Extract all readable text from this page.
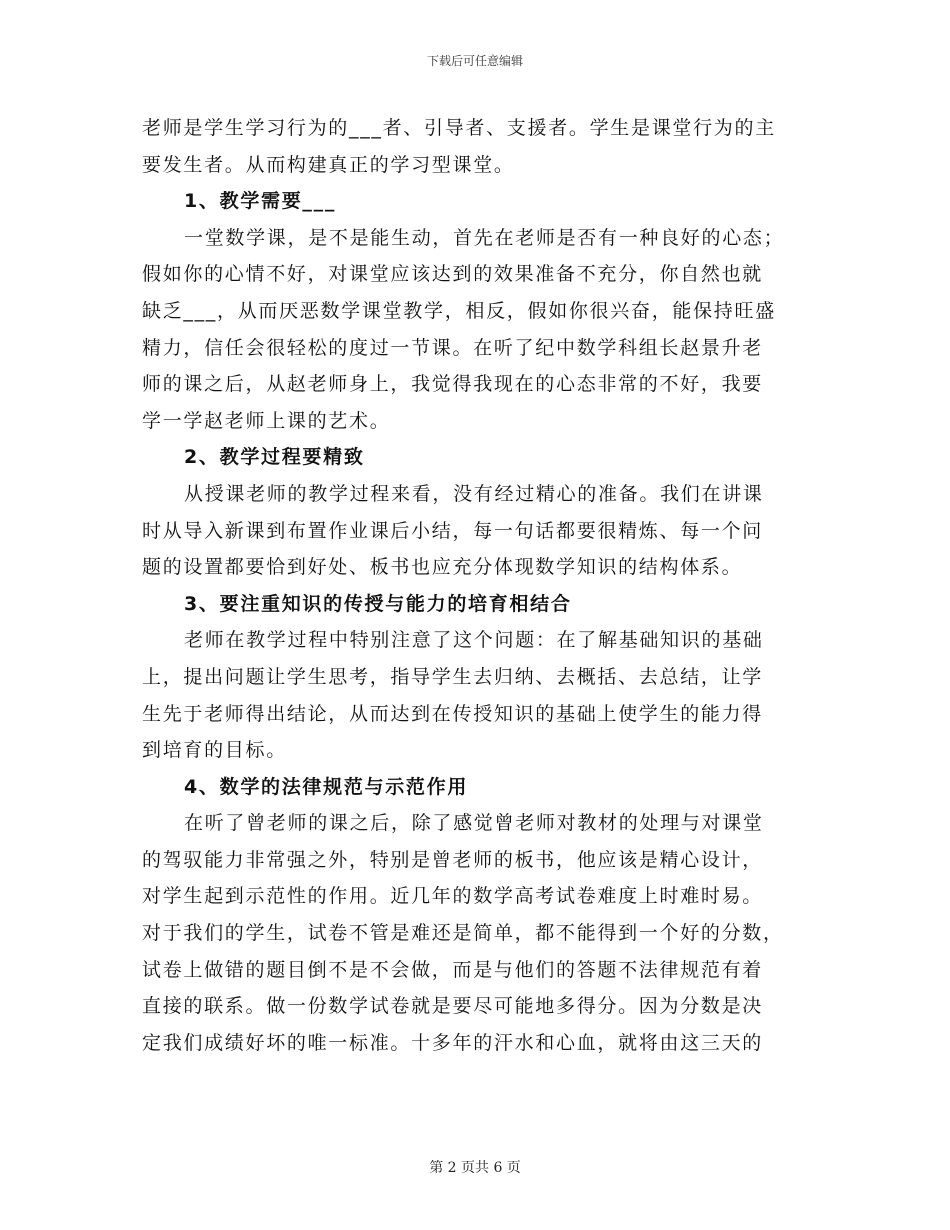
下载后可任意编辑

老师是学生学习行为的___者、引导者、支援者。学生是课堂行为的主

要发生者。从而构建真正的学习型课堂。

1、教学需要___

一堂数学课，是不是能生动，首先在老师是否有一种良好的心态；

假如你的心情不好，对课堂应该达到的效果准备不充分，你自然也就

缺乏___，从而厌恶数学课堂教学，相反，假如你很兴奋，能保持旺盛

精力，信任会很轻松的度过一节课。在听了纪中数学科组长赵景升老

师的课之后，从赵老师身上，我觉得我现在的心态非常的不好，我要

学一学赵老师上课的艺术。

2、教学过程要精致

从授课老师的教学过程来看，没有经过精心的准备。我们在讲课

时从导入新课到布置作业课后小结，每一句话都要很精炼、每一个问

题的设置都要恰到好处、板书也应充分体现数学知识的结构体系。

3、要注重知识的传授与能力的培育相结合

老师在教学过程中特别注意了这个问题：在了解基础知识的基础

上，提出问题让学生思考，指导学生去归纳、去概括、去总结，让学

生先于老师得出结论，从而达到在传授知识的基础上使学生的能力得

到培育的目标。

4、数学的法律规范与示范作用

在听了曾老师的课之后，除了感觉曾老师对教材的处理与对课堂

的驾驭能力非常强之外，特别是曾老师的板书，他应该是精心设计，

对学生起到示范性的作用。近几年的数学高考试卷难度上时难时易。

对于我们的学生，试卷不管是难还是简单，都不能得到一个好的分数，

试卷上做错的题目倒不是不会做，而是与他们的答题不法律规范有着

直接的联系。做一份数学试卷就是要尽可能地多得分。因为分数是决

定我们成绩好坏的唯一标准。十多年的汗水和心血，就将由这三天的

第 2 页共 6 页
